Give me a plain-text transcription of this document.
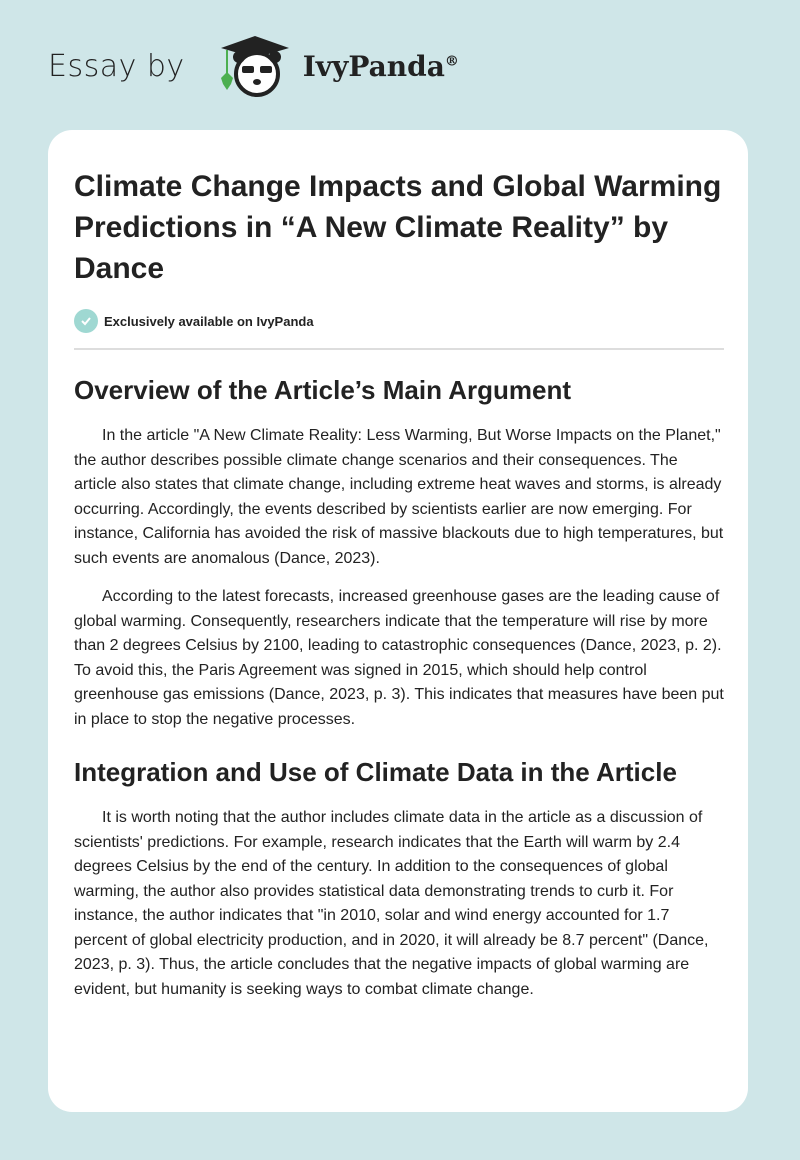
Essay by	IvyPanda®
Climate Change Impacts and Global Warming Predictions in “A New Climate Reality” by Dance
Exclusively available on IvyPanda
Overview of the Article’s Main Argument

In the article "A New Climate Reality: Less Warming, But Worse Impacts on the Planet," the author describes possible climate change scenarios and their consequences. The article also states that climate change, including extreme heat waves and storms, is already occurring. Accordingly, the events described by scientists earlier are now emerging. For instance, California has avoided the risk of massive blackouts due to high temperatures, but such events are anomalous (Dance, 2023).

According to the latest forecasts, increased greenhouse gases are the leading cause of global warming. Consequently, researchers indicate that the temperature will rise by more than 2 degrees Celsius by 2100, leading to catastrophic consequences (Dance, 2023, p. 2). To avoid this, the Paris Agreement was signed in 2015, which should help control greenhouse gas emissions (Dance, 2023, p. 3). This indicates that measures have been put in place to stop the negative processes.

Integration and Use of Climate Data in the Article

It is worth noting that the author includes climate data in the article as a discussion of scientists' predictions. For example, research indicates that the Earth will warm by 2.4 degrees Celsius by the end of the century. In addition to the consequences of global warming, the author also provides statistical data demonstrating trends to curb it. For instance, the author indicates that "in 2010, solar and wind energy accounted for 1.7 percent of global electricity production, and in 2020, it will already be 8.7 percent" (Dance, 2023, p. 3). Thus, the article concludes that the negative impacts of global warming are evident, but humanity is seeking ways to combat climate change.
